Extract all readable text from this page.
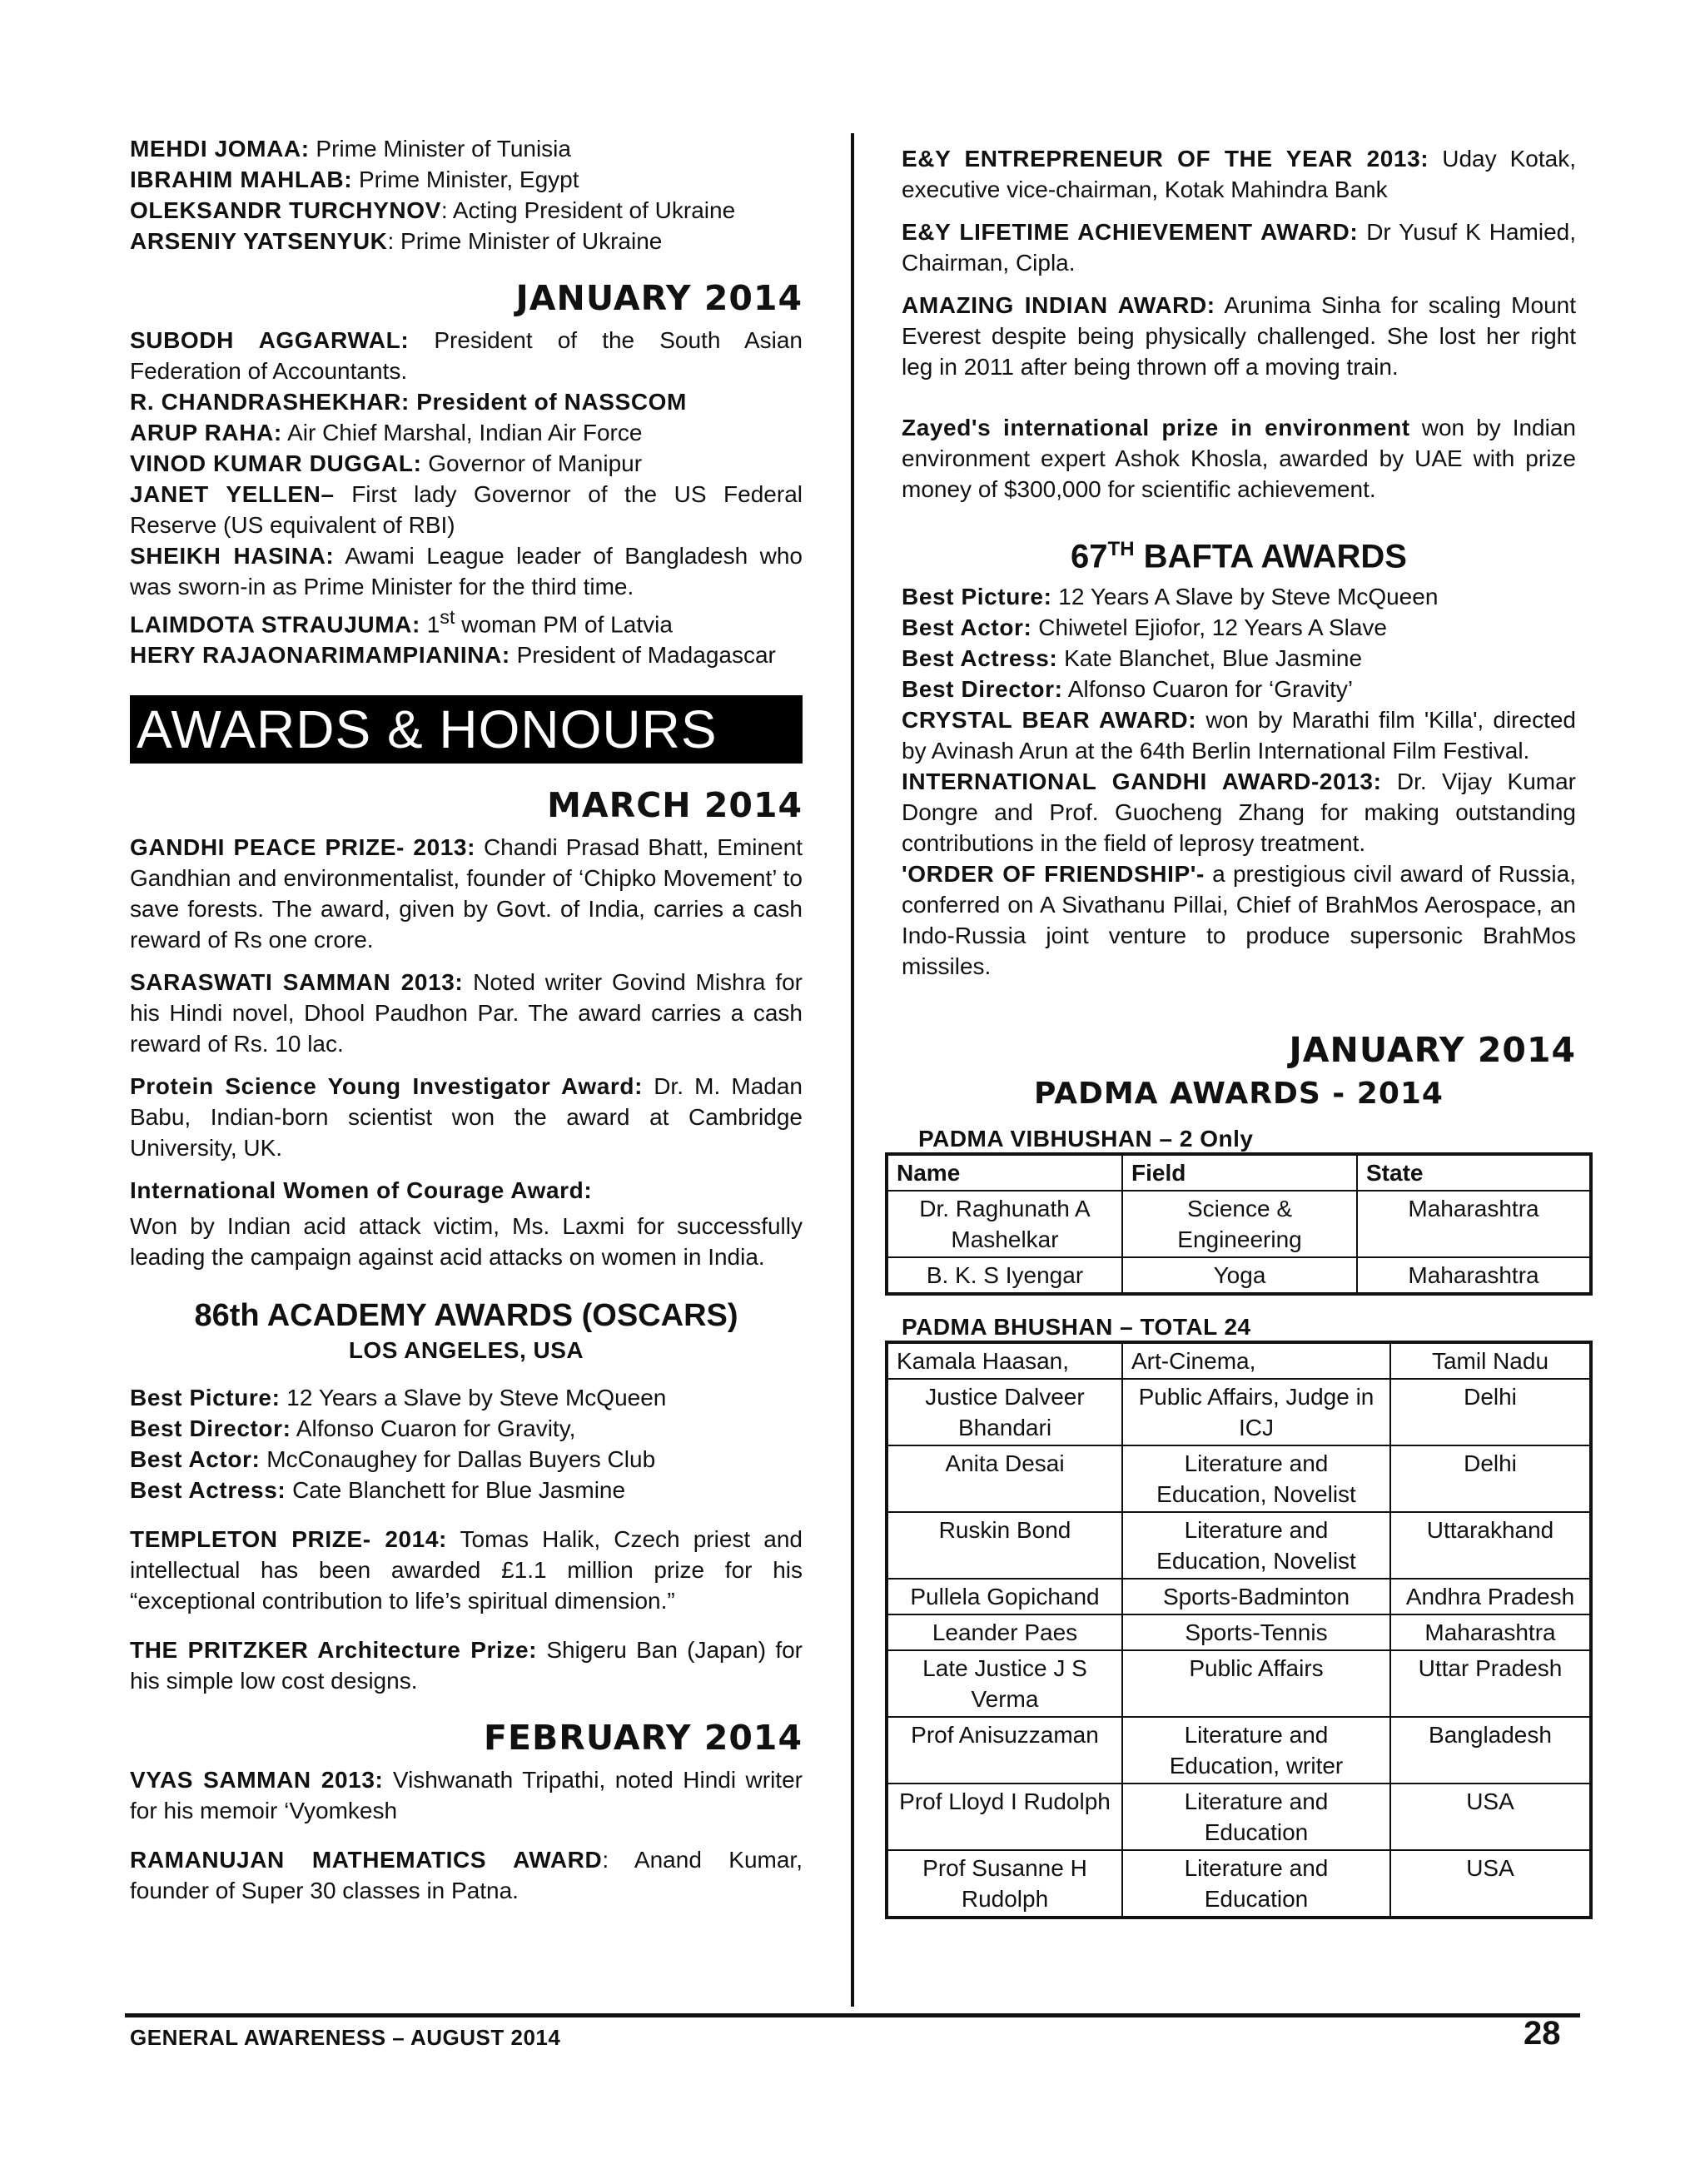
MEHDI JOMAA: Prime Minister of Tunisia

IBRAHIM MAHLAB: Prime Minister, Egypt

OLEKSANDR TURCHYNOV: Acting President of Ukraine

ARSENIY YATSENYUK: Prime Minister of Ukraine

JANUARY 2014

SUBODH AGGARWAL: President of the South Asian Federation of Accountants.

R. CHANDRASHEKHAR: President of NASSCOM

ARUP RAHA: Air Chief Marshal, Indian Air Force

VINOD KUMAR DUGGAL: Governor of Manipur

JANET YELLEN– First lady Governor of the US Federal Reserve (US equivalent of RBI)

SHEIKH HASINA: Awami League leader of Bangladesh who was sworn-in as Prime Minister for the third time.

LAIMDOTA STRAUJUMA: 1st woman PM of Latvia

HERY RAJAONARIMAMPIANINA: President of Madagascar

AWARDS & HONOURS
MARCH 2014

GANDHI PEACE PRIZE- 2013: Chandi Prasad Bhatt, Eminent Gandhian and environmentalist, founder of ‘Chipko Movement’ to save forests. The award, given by Govt. of India, carries a cash reward of Rs one crore.

SARASWATI SAMMAN 2013: Noted writer Govind Mishra for his Hindi novel, Dhool Paudhon Par. The award carries a cash reward of Rs. 10 lac.

Protein Science Young Investigator Award: Dr. M. Madan Babu, Indian-born scientist won the award at Cambridge University, UK.

International Women of Courage Award:

Won by Indian acid attack victim, Ms. Laxmi for successfully leading the campaign against acid attacks on women in India.

86th ACADEMY AWARDS (OSCARS)
LOS ANGELES, USA

Best Picture: 12 Years a Slave by Steve McQueen

Best Director: Alfonso Cuaron for Gravity,

Best Actor: McConaughey for Dallas Buyers Club

Best Actress: Cate Blanchett for Blue Jasmine

TEMPLETON PRIZE- 2014: Tomas Halik, Czech priest and intellectual has been awarded £1.1 million prize for his “exceptional contribution to life’s spiritual dimension.”

THE PRITZKER Architecture Prize: Shigeru Ban (Japan) for his simple low cost designs.

FEBRUARY 2014

VYAS SAMMAN 2013: Vishwanath Tripathi, noted Hindi writer for his memoir ‘Vyomkesh

RAMANUJAN MATHEMATICS AWARD: Anand Kumar, founder of Super 30 classes in Patna.

E&Y ENTREPRENEUR OF THE YEAR 2013: Uday Kotak, executive vice-chairman, Kotak Mahindra Bank

E&Y LIFETIME ACHIEVEMENT AWARD: Dr Yusuf K Hamied, Chairman, Cipla.

AMAZING INDIAN AWARD: Arunima Sinha for scaling Mount Everest despite being physically challenged. She lost her right leg in 2011 after being thrown off a moving train.

Zayed's international prize in environment won by Indian environment expert Ashok Khosla, awarded by UAE with prize money of $300,000 for scientific achievement.

67TH BAFTA AWARDS

Best Picture: 12 Years A Slave by Steve McQueen

Best Actor: Chiwetel Ejiofor, 12 Years A Slave

Best Actress: Kate Blanchet, Blue Jasmine

Best Director: Alfonso Cuaron for ‘Gravity’

CRYSTAL BEAR AWARD: won by Marathi film 'Killa', directed by Avinash Arun at the 64th Berlin International Film Festival.

INTERNATIONAL GANDHI AWARD-2013: Dr. Vijay Kumar Dongre and Prof. Guocheng Zhang for making outstanding contributions in the field of leprosy treatment.

'ORDER OF FRIENDSHIP'- a prestigious civil award of Russia, conferred on A Sivathanu Pillai, Chief of BrahMos Aerospace, an Indo-Russia joint venture to produce supersonic BrahMos missiles.

JANUARY 2014
PADMA AWARDS - 2014
PADMA VIBHUSHAN – 2 Only
Name	Field	State
Dr. Raghunath A Mashelkar	Science & Engineering	Maharashtra
B. K. S Iyengar	Yoga	Maharashtra
PADMA BHUSHAN – TOTAL 24
Kamala Haasan,	Art-Cinema,	Tamil Nadu
Justice Dalveer Bhandari	Public Affairs, Judge in ICJ	Delhi
Anita Desai	Literature and Education, Novelist	Delhi
Ruskin Bond	Literature and Education, Novelist	Uttarakhand
Pullela Gopichand	Sports-Badminton	Andhra Pradesh
Leander Paes	Sports-Tennis	Maharashtra
Late Justice J S Verma	Public Affairs	Uttar Pradesh
Prof Anisuzzaman	Literature and Education, writer	Bangladesh
Prof Lloyd I Rudolph	Literature and Education	USA
Prof Susanne H Rudolph	Literature and Education	USA
GENERAL AWARENESS – AUGUST 2014	28
